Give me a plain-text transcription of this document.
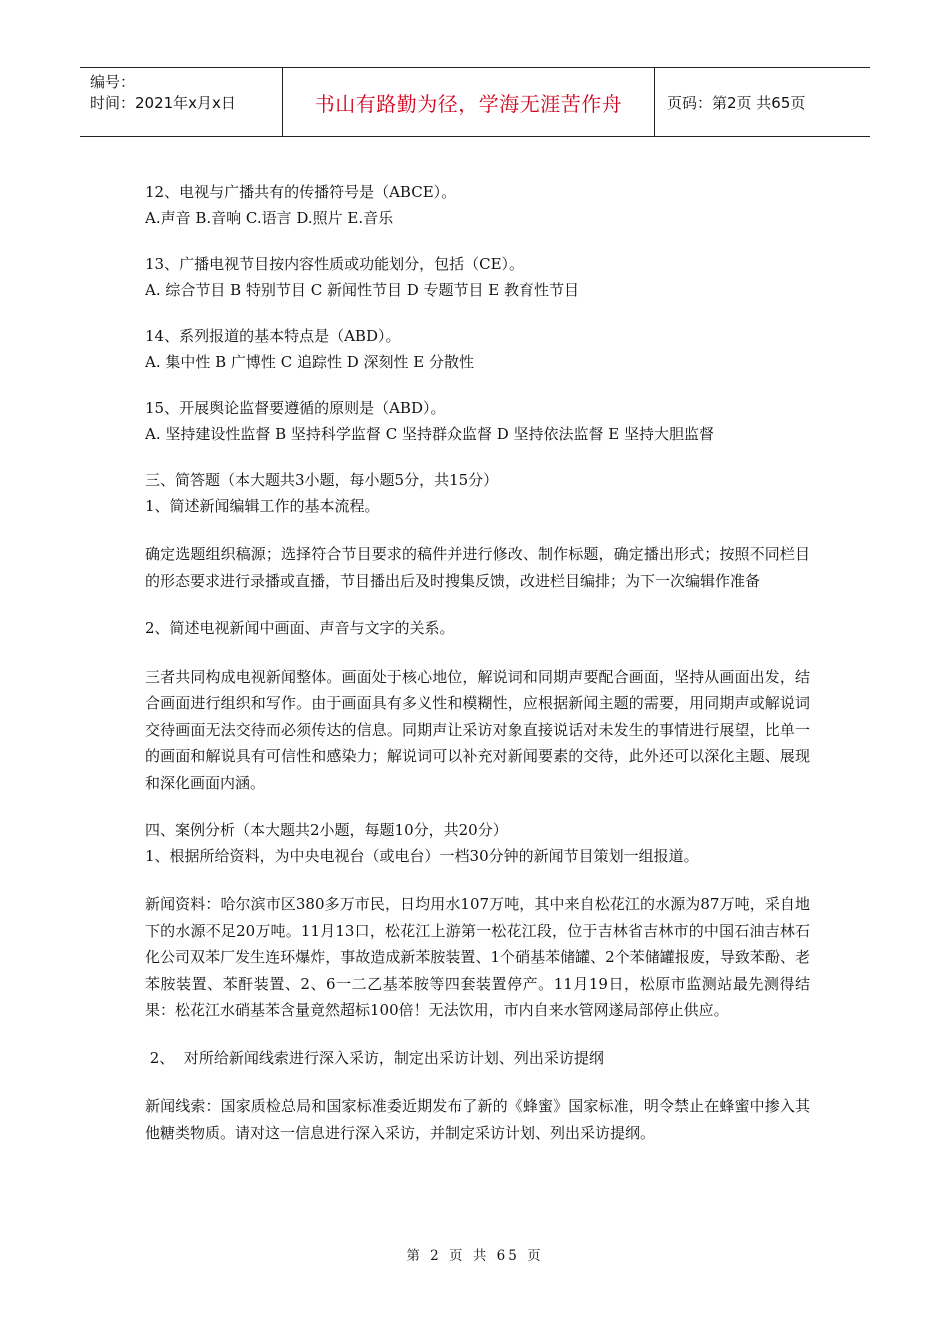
编号：
时间：2021年x月x日	书山有路勤为径，学海无涯苦作舟	页码：第2页 共65页
12、电视与广播共有的传播符号是（ABCE）。
A.声音 B.音响 C.语言 D.照片 E.音乐
13、广播电视节目按内容性质或功能划分，包括（CE）。
A. 综合节目 B 特别节目 C 新闻性节目 D 专题节目 E 教育性节目
14、系列报道的基本特点是（ABD）。
A. 集中性 B 广博性 C 追踪性 D 深刻性 E 分散性
15、开展舆论监督要遵循的原则是（ABD）。
A. 坚持建设性监督 B 坚持科学监督 C 坚持群众监督 D 坚持依法监督 E 坚持大胆监督
三、简答题（本大题共3小题，每小题5分，共15分）
1、简述新闻编辑工作的基本流程。
确定选题组织稿源；选择符合节目要求的稿件并进行修改、制作标题，确定播出形式；按照不同栏目的形态要求进行录播或直播，节目播出后及时搜集反馈，改进栏目编排；为下一次编辑作准备
2、简述电视新闻中画面、声音与文字的关系。
三者共同构成电视新闻整体。画面处于核心地位，解说词和同期声要配合画面，坚持从画面出发，结合画面进行组织和写作。由于画面具有多义性和模糊性，应根据新闻主题的需要，用同期声或解说词交待画面无法交待而必须传达的信息。同期声让采访对象直接说话对未发生的事情进行展望，比单一的画面和解说具有可信性和感染力；解说词可以补充对新闻要素的交待，此外还可以深化主题、展现和深化画面内涵。
四、案例分析（本大题共2小题，每题10分，共20分）
1、根据所给资料，为中央电视台（或电台）一档30分钟的新闻节目策划一组报道。
新闻资料：哈尔滨市区380多万市民，日均用水107万吨，其中来自松花江的水源为87万吨，采自地下的水源不足20万吨。11月13口，松花江上游第一松花江段，位于吉林省吉林市的中国石油吉林石化公司双苯厂发生连环爆炸，事故造成新苯胺装置、1个硝基苯储罐、2个苯储罐报废，导致苯酚、老苯胺装置、苯酐装置、2、6一二乙基苯胺等四套装置停产。11月19日，松原市监测站最先测得结果：松花江水硝基苯含量竟然超标100倍！无法饮用，市内自来水管网遂局部停止供应。
2、  对所给新闻线索进行深入采访，制定出采访计划、列出采访提纲
新闻线索：国家质检总局和国家标准委近期发布了新的《蜂蜜》国家标准，明令禁止在蜂蜜中掺入其他糖类物质。请对这一信息进行深入采访，并制定采访计划、列出采访提纲。
第 2 页 共 65 页
